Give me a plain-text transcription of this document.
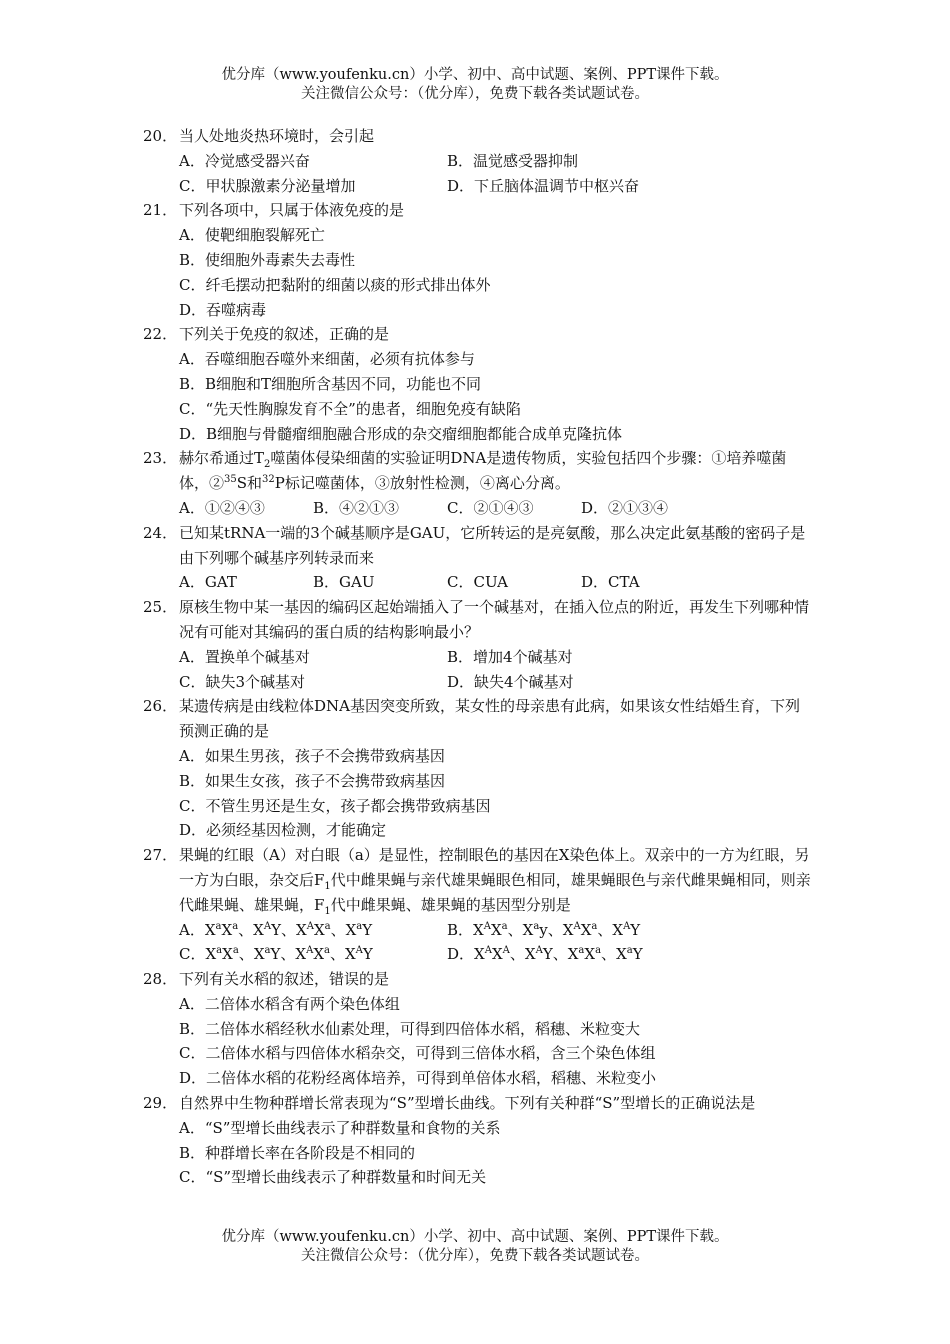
优分库（www.youfenku.cn）小学、初中、高中试题、案例、PPT课件下载。
关注微信公众号：（优分库），免费下载各类试题试卷。
20． 当人处地炎热环境时，会引起
A．冷觉感受器兴奋	B．温觉感受器抑制
C．甲状腺激素分泌量增加	D．下丘脑体温调节中枢兴奋
21． 下列各项中，只属于体液免疫的是
A．使靶细胞裂解死亡
B．使细胞外毒素失去毒性
C．纤毛摆动把黏附的细菌以痰的形式排出体外
D．吞噬病毒
22． 下列关于免疫的叙述，正确的是
A．吞噬细胞吞噬外来细菌，必须有抗体参与
B．B细胞和T细胞所含基因不同，功能也不同
C．“先天性胸腺发育不全”的患者，细胞免疫有缺陷
D．B细胞与骨髓瘤细胞融合形成的杂交瘤细胞都能合成单克隆抗体
23． 赫尔希通过$T_2$噬菌体侵染细菌的实验证明DNA是遗传物质，实验包括四个步骤：①培养噬菌体，②$^{35}$S和$^{32}$P标记噬菌体，③放射性检测，④离心分离。
A．①②④③	B．④②①③	C．②①④③	D．②①③④
24． 已知某tRNA一端的3个碱基顺序是GAU，它所转运的是亮氨酸，那么决定此氨基酸的密码子是由下列哪个碱基序列转录而来
A．GAT	B．GAU	C．CUA	D．CTA
25． 原核生物中某一基因的编码区起始端插入了一个碱基对，在插入位点的附近，再发生下列哪种情况有可能对其编码的蛋白质的结构影响最小？
A．置换单个碱基对	B．增加4个碱基对
C．缺失3个碱基对	D．缺失4个碱基对
26． 某遗传病是由线粒体DNA基因突变所致，某女性的母亲患有此病，如果该女性结婚生育，下列预测正确的是
A．如果生男孩，孩子不会携带致病基因
B．如果生女孩，孩子不会携带致病基因
C．不管生男还是生女，孩子都会携带致病基因
D．必须经基因检测，才能确定
27． 果蝇的红眼（A）对白眼（a）是显性，控制眼色的基因在X染色体上。双亲中的一方为红眼，另一方为白眼，杂交后$F_1$代中雌果蝇与亲代雄果蝇眼色相同，雄果蝇眼色与亲代雌果蝇相同，则亲代雌果蝇、雄果蝇，$F_1$代中雌果蝇、雄果蝇的基因型分别是
A．$X^aX^a$、$X^AY$、$X^AX^a$、$X^aY$	B．$X^AX^a$、$X^ay$、$X^AX^a$、$X^AY$
C．$X^aX^a$、$X^aY$、$X^AX^a$、$X^AY$	D．$X^AX^A$、$X^AY$、$X^aX^a$、$X^aY$
28． 下列有关水稻的叙述，错误的是
A．二倍体水稻含有两个染色体组
B．二倍体水稻经秋水仙素处理，可得到四倍体水稻，稻穗、米粒变大
C．二倍体水稻与四倍体水稻杂交，可得到三倍体水稻，含三个染色体组
D．二倍体水稻的花粉经离体培养，可得到单倍体水稻，稻穗、米粒变小
29． 自然界中生物种群增长常表现为“S”型增长曲线。下列有关种群“S”型增长的正确说法是
A．“S”型增长曲线表示了种群数量和食物的关系
B．种群增长率在各阶段是不相同的
C．“S”型增长曲线表示了种群数量和时间无关
优分库（www.youfenku.cn）小学、初中、高中试题、案例、PPT课件下载。
关注微信公众号：（优分库），免费下载各类试题试卷。
